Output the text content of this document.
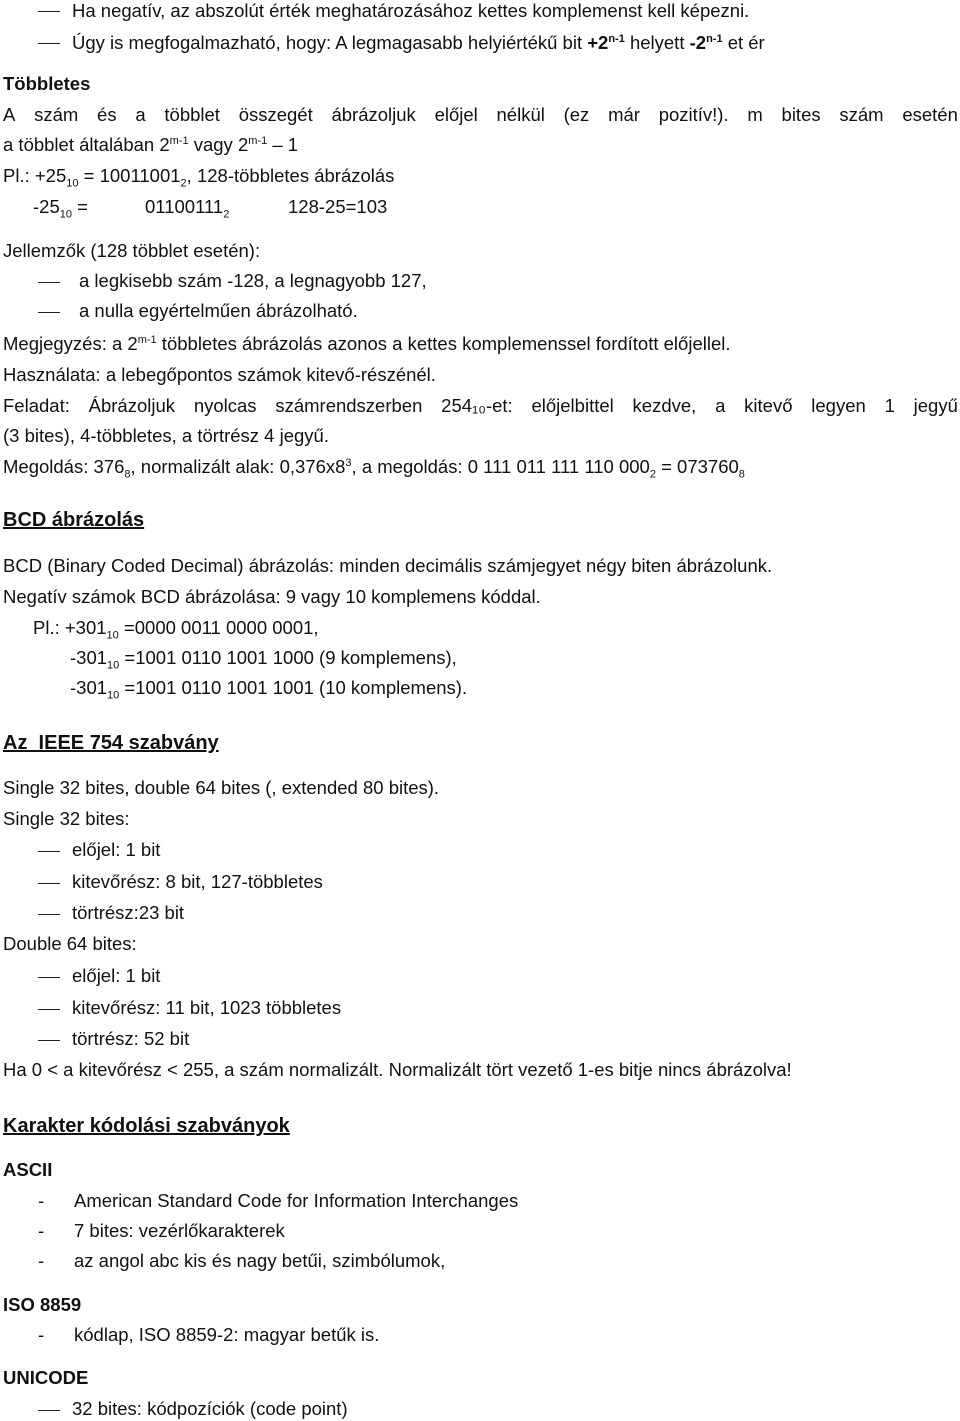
Ha negatív, az abszolút érték meghatározásához kettes komplemenst kell képezni.
Úgy is megfogalmazható, hogy: A legmagasabb helyiértékű bit $+2^{n-1}$ helyett -2$^{n-1}$ et ér
Többletes
A szám és a többlet összegét ábrázoljuk előjel nélkül (ez már pozitív!). m bites szám esetén
a többlet általában 2$^{m-1}$ vagy 2$^{m-1}$ – 1
Pl.: $+25_{10} = 10011001_2$, 128-többletes ábrázolás
$-25_{10}$ =	$01100111_2$	128-25=103
Jellemzők (128 többlet esetén):
a legkisebb szám -128, a legnagyobb 127,
a nulla egyértelműen ábrázolható.
Megjegyzés: a 2$^{m-1}$ többletes ábrázolás azonos a kettes komplemenssel fordított előjellel.
Használata: a lebegőpontos számok kitevő-részénél.
Feladat: Ábrázoljuk nyolcas számrendszerben 254₁₀-et: előjelbittel kezdve, a kitevő legyen 1 jegyű
(3 bites), 4-többletes, a törtrész 4 jegyű.
Megoldás: $376_8$, normalizált alak: $0,376x8^3$, a megoldás: 0 111 011 111 110 $000_2 = 073760_8$
BCD ábrázolás
BCD (Binary Coded Decimal) ábrázolás: minden decimális számjegyet négy biten ábrázolunk.
Negatív számok BCD ábrázolása: 9 vagy 10 komplemens kóddal.
Pl.: $+301_{10} =0000$ 0011 0000 0001,
$-301_{10} =1001$ 0110 1001 1000 (9 komplemens),
$-301_{10} =1001$ 0110 1001 1001 (10 komplemens).
Az  IEEE 754 szabvány
Single 32 bites, double 64 bites (, extended 80 bites).
Single 32 bites:
előjel: 1 bit
kitevőrész: 8 bit, 127-többletes
törtrész:23 bit
Double 64 bites:
előjel: 1 bit
kitevőrész: 11 bit, 1023 többletes
törtrész: 52 bit
Ha 0 < a kitevőrész < 255, a szám normalizált. Normalizált tört vezető 1-es bitje nincs ábrázolva!
Karakter kódolási szabványok
ASCII
- American Standard Code for Information Interchanges
- 7 bites: vezérlőkarakterek
- az angol abc kis és nagy betűi, szimbólumok,
ISO 8859
- kódlap, ISO 8859-2: magyar betűk is.
UNICODE
32 bites: kódpozíciók (code point)
